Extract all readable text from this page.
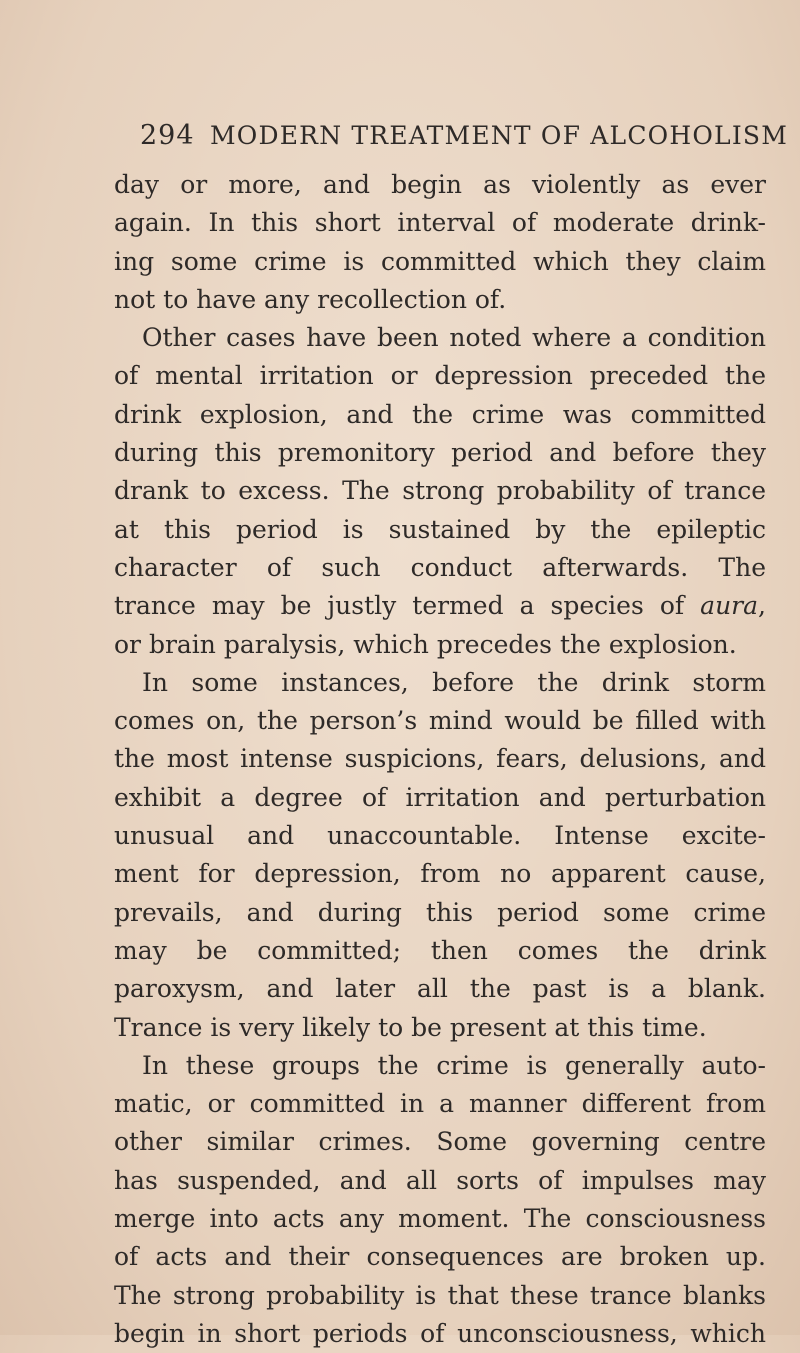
294 MODERN TREATMENT OF ALCOHOLISM
day or more, and begin as violently as ever
again. In this short interval of moderate drink-
ing some crime is committed which they claim
not to have any recollection of.
Other cases have been noted where a condition
of mental irritation or depression preceded the
drink explosion, and the crime was committed
during this premonitory period and before they
drank to excess. The strong probability of trance
at this period is sustained by the epileptic
character of such conduct afterwards. The
trance may be justly termed a species of aura,
or brain paralysis, which precedes the explosion.
In some instances, before the drink storm
comes on, the person’s mind would be filled with
the most intense suspicions, fears, delusions, and
exhibit a degree of irritation and perturbation
unusual and unaccountable. Intense excite-
ment for depression, from no apparent cause,
prevails, and during this period some crime
may be committed; then comes the drink
paroxysm, and later all the past is a blank.
Trance is very likely to be present at this time.
In these groups the crime is generally auto-
matic, or committed in a manner different from
other similar crimes. Some governing centre
has suspended, and all sorts of impulses may
merge into acts any moment. The consciousness
of acts and their consequences are broken up.
The strong probability is that these trance blanks
begin in short periods of unconsciousness, which
